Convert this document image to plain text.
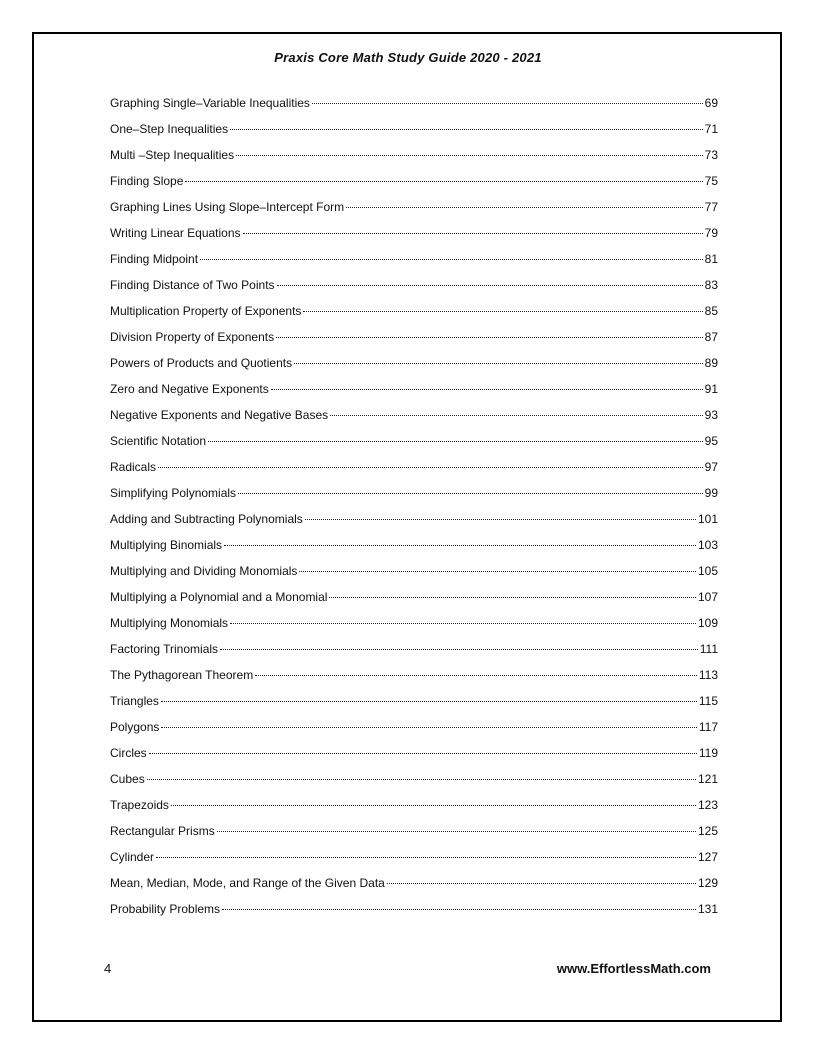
Praxis Core Math Study Guide 2020 - 2021
Graphing Single–Variable Inequalities	69
One–Step Inequalities	71
Multi –Step Inequalities	73
Finding Slope	75
Graphing Lines Using Slope–Intercept Form	77
Writing Linear Equations	79
Finding Midpoint	81
Finding Distance of Two Points	83
Multiplication Property of Exponents	85
Division Property of Exponents	87
Powers of Products and Quotients	89
Zero and Negative Exponents	91
Negative Exponents and Negative Bases	93
Scientific Notation	95
Radicals	97
Simplifying Polynomials	99
Adding and Subtracting Polynomials	101
Multiplying Binomials	103
Multiplying and Dividing Monomials	105
Multiplying a Polynomial and a Monomial	107
Multiplying Monomials	109
Factoring Trinomials	111
The Pythagorean Theorem	113
Triangles	115
Polygons	117
Circles	119
Cubes	121
Trapezoids	123
Rectangular Prisms	125
Cylinder	127
Mean, Median, Mode, and Range of the Given Data	129
Probability Problems	131
4	www.EffortlessMath.com
